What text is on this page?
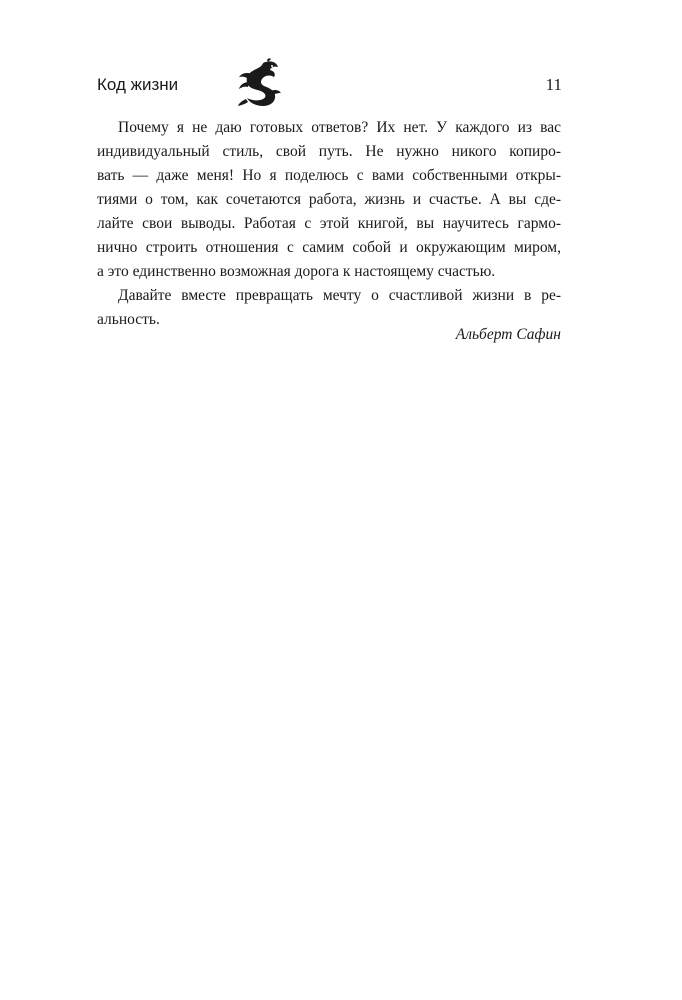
Код жизни	11

Почему я не даю готовых ответов? Их нет. У каждого из вас
индивидуальный стиль, свой путь. Не нужно никого копиро-
вать — даже меня! Но я поделюсь с вами собственными откры-
тиями о том, как сочетаются работа, жизнь и счастье. А вы сде-
лайте свои выводы. Работая с этой книгой, вы научитесь гармо-
нично строить отношения с самим собой и окружающим миром,
а это единственно возможная дорога к настоящему счастью.

Давайте вместе превращать мечту о счастливой жизни в ре-
альность.

Альберт Сафин
